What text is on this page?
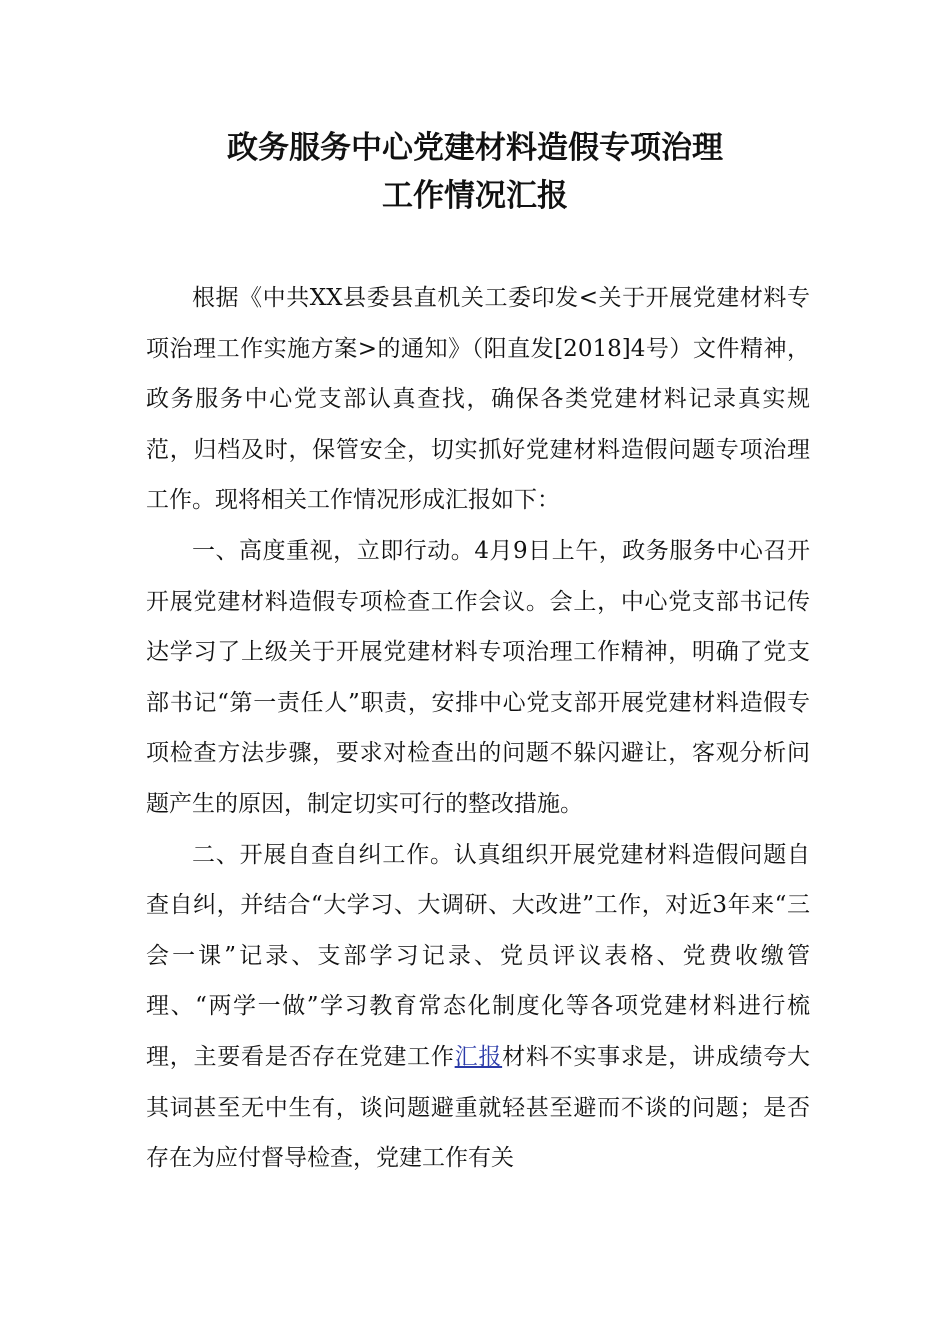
政务服务中心党建材料造假专项治理
工作情况汇报

根据《中共XX县委县直机关工委印发<关于开展党建材料专项治理工作实施方案>的通知》（阳直发[2018]4号）文件精神，政务服务中心党支部认真查找，确保各类党建材料记录真实规范，归档及时，保管安全，切实抓好党建材料造假问题专项治理工作。现将相关工作情况形成汇报如下：

一、高度重视，立即行动。4月9日上午，政务服务中心召开开展党建材料造假专项检查工作会议。会上，中心党支部书记传达学习了上级关于开展党建材料专项治理工作精神，明确了党支部书记“第一责任人”职责，安排中心党支部开展党建材料造假专项检查方法步骤，要求对检查出的问题不躲闪避让，客观分析问题产生的原因，制定切实可行的整改措施。

二、开展自查自纠工作。认真组织开展党建材料造假问题自查自纠，并结合“大学习、大调研、大改进”工作，对近3年来“三会一课”记录、支部学习记录、党员评议表格、党费收缴管理、“两学一做”学习教育常态化制度化等各项党建材料进行梳理，主要看是否存在党建工作汇报材料不实事求是，讲成绩夸大其词甚至无中生有，谈问题避重就轻甚至避而不谈的问题；是否存在为应付督导检查，党建工作有关
